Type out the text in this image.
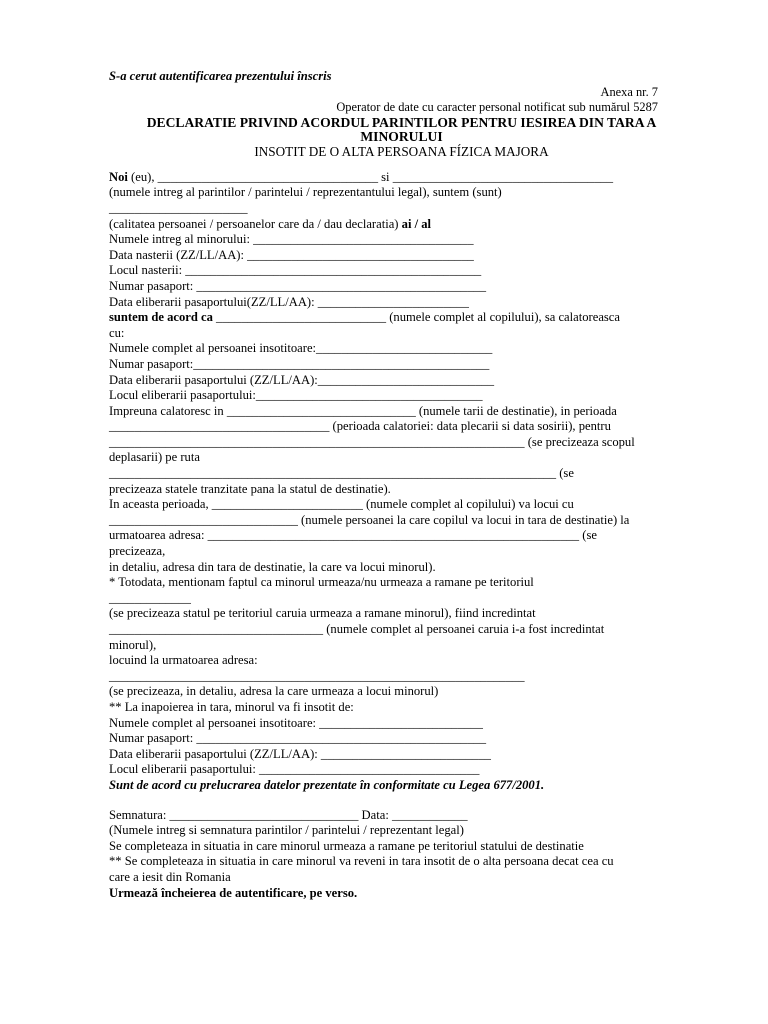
S-a cerut autentificarea prezentului înscris
Anexa nr. 7
Operator de date cu caracter personal notificat sub numărul 5287
DECLARATIE PRIVIND ACORDUL PARINTILOR PENTRU IESIREA DIN TARA A
MINORULUI
INSOTIT DE O ALTA PERSOANA FÍZICA MAJORA
Noi (eu), ___________________________________ si ___________________________________
(numele intreg al parintilor / parintelui / reprezentantului legal), suntem (sunt)
______________________
(calitatea persoanei / persoanelor care da / dau declaratia) ai / al
Numele intreg al minorului: ___________________________________
Data nasterii (ZZ/LL/AA): ____________________________________
Locul nasterii: _______________________________________________
Numar pasaport: ______________________________________________
Data eliberarii pasaportului(ZZ/LL/AA): ________________________
suntem de acord ca ___________________________ (numele complet al copilului), sa calatoreasca
cu:
Numele complet al persoanei insotitoare:____________________________
Numar pasaport:_______________________________________________
Data eliberarii pasaportului (ZZ/LL/AA):____________________________
Locul eliberarii pasaportului:____________________________________
Impreuna calatoresc in ______________________________ (numele tarii de destinatie), in perioada
___________________________________ (perioada calatoriei: data plecarii si data sosirii), pentru
__________________________________________________________________ (se precizeaza scopul
deplasarii) pe ruta
_______________________________________________________________________ (se
precizeaza statele tranzitate pana la statul de destinatie).
In aceasta perioada, ________________________ (numele complet al copilului) va locui cu
______________________________ (numele persoanei la care copilul va locui in tara de destinatie) la
urmatoarea adresa: ___________________________________________________________ (se
precizeaza,
in detaliu, adresa din tara de destinatie, la care va locui minorul).
* Totodata, mentionam faptul ca minorul urmeaza/nu urmeaza a ramane pe teritoriul
_____________
(se precizeaza statul pe teritoriul caruia urmeaza a ramane minorul), fiind incredintat
__________________________________ (numele complet al persoanei caruia i-a fost incredintat
minorul),
locuind la urmatoarea adresa:
__________________________________________________________________
(se precizeaza, in detaliu, adresa la care urmeaza a locui minorul)
** La inapoierea in tara, minorul va fi insotit de:
Numele complet al persoanei insotitoare: __________________________
Numar pasaport: ______________________________________________
Data eliberarii pasaportului (ZZ/LL/AA): ___________________________
Locul eliberarii pasaportului: ___________________________________
Sunt de acord cu prelucrarea datelor prezentate în conformitate cu Legea 677/2001.
Semnatura: ______________________________ Data: ____________
(Numele intreg si semnatura parintilor / parintelui / reprezentant legal)
Se completeaza in situatia in care minorul urmeaza a ramane pe teritoriul statului de destinatie
** Se completeaza in situatia in care minorul va reveni in tara insotit de o alta persoana decat cea cu
care a iesit din Romania
Urmează încheierea de autentificare, pe verso.
